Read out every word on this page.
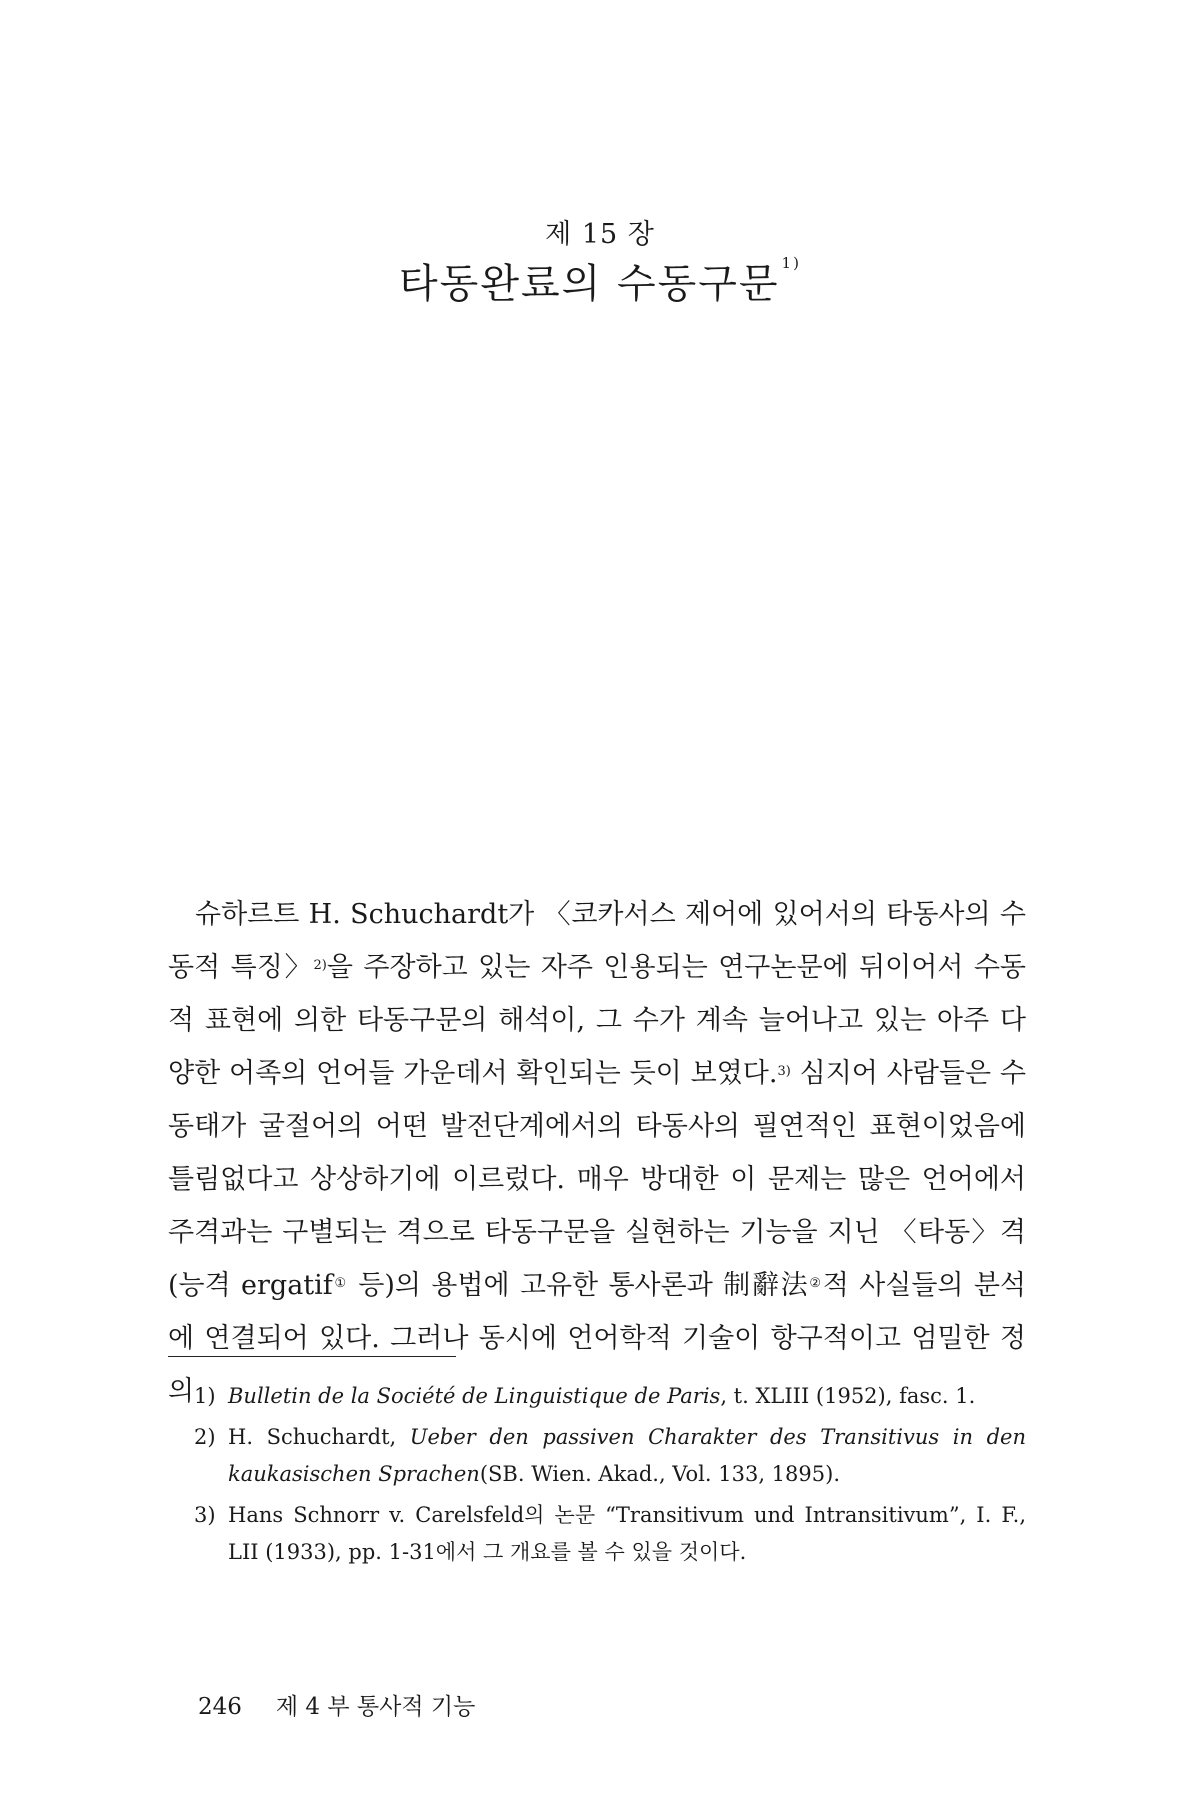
제 15 장
타동완료의 수동구문 $^{1)}$

슈하르트 H. Schuchardt가 〈코카서스 제어에 있어서의 타동사의 수동적 특징〉$^{2)}$을 주장하고 있는 자주 인용되는 연구논문에 뒤이어서 수동적 표현에 의한 타동구문의 해석이, 그 수가 계속 늘어나고 있는 아주 다양한 어족의 언어들 가운데서 확인되는 듯이 보였다.$^{3)}$ 심지어 사람들은 수동태가 굴절어의 어떤 발전단계에서의 타동사의 필연적인 표현이었음에 틀림없다고 상상하기에 이르렀다. 매우 방대한 이 문제는 많은 언어에서 주격과는 구별되는 격으로 타동구문을 실현하는 기능을 지닌 〈타동〉격(능격 ergatif① 등)의 용법에 고유한 통사론과 制辭法②적 사실들의 분석에 연결되어 있다. 그러나 동시에 언어학적 기술이 항구적이고 엄밀한 정의 1) Bulletin de la Société de Linguistique de Paris, t. XLIII (1952), fasc. 1.
2) H. Schuchardt, Ueber den passiven Charakter des Transitivus in den kaukasischen Sprachen(SB. Wien. Akad., Vol. 133, 1895).
3) Hans Schnorr v. Carelsfeld의 논문 “Transitivum und Intransitivum”, I. F., LII (1933), pp. 1-31에서 그 개요를 볼 수 있을 것이다.
246 제 4 부 통사적 기능
